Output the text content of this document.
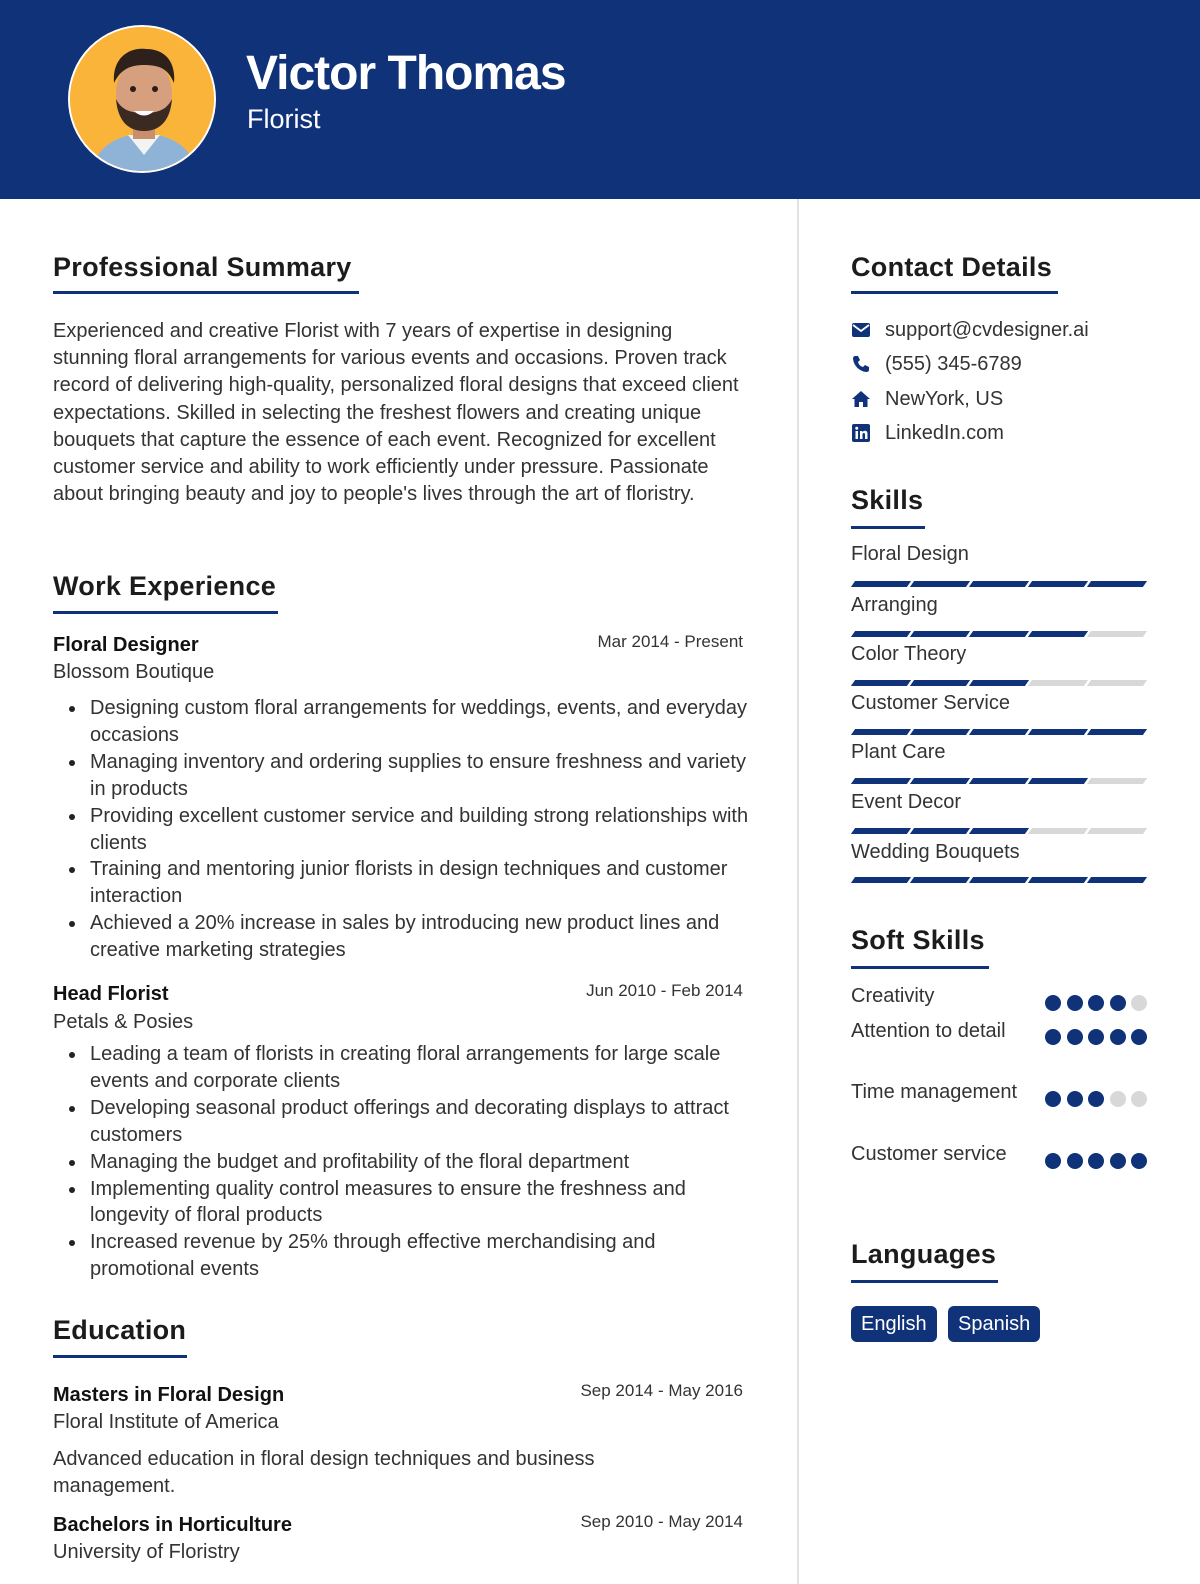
Victor Thomas
Florist
Professional Summary
Experienced and creative Florist with 7 years of expertise in designing stunning floral arrangements for various events and occasions. Proven track record of delivering high-quality, personalized floral designs that exceed client expectations. Skilled in selecting the freshest flowers and creating unique bouquets that capture the essence of each event. Recognized for excellent customer service and ability to work efficiently under pressure. Passionate about bringing beauty and joy to people's lives through the art of floristry.
Work Experience
Floral Designer	Mar 2014 - Present
Blossom Boutique
Designing custom floral arrangements for weddings, events, and everyday occasions
Managing inventory and ordering supplies to ensure freshness and variety in products
Providing excellent customer service and building strong relationships with clients
Training and mentoring junior florists in design techniques and customer interaction
Achieved a 20% increase in sales by introducing new product lines and creative marketing strategies
Head Florist	Jun 2010 - Feb 2014
Petals & Posies
Leading a team of florists in creating floral arrangements for large scale events and corporate clients
Developing seasonal product offerings and decorating displays to attract customers
Managing the budget and profitability of the floral department
Implementing quality control measures to ensure the freshness and longevity of floral products
Increased revenue by 25% through effective merchandising and promotional events
Education
Masters in Floral Design	Sep 2014 - May 2016
Floral Institute of America
Advanced education in floral design techniques and business management.
Bachelors in Horticulture	Sep 2010 - May 2014
University of Floristry
Contact Details
support@cvdesigner.ai
(555) 345-6789
NewYork, US
LinkedIn.com
Skills
Floral Design
Arranging
Color Theory
Customer Service
Plant Care
Event Decor
Wedding Bouquets
Soft Skills
Creativity
Attention to detail
Time management
Customer service
Languages
English	Spanish
